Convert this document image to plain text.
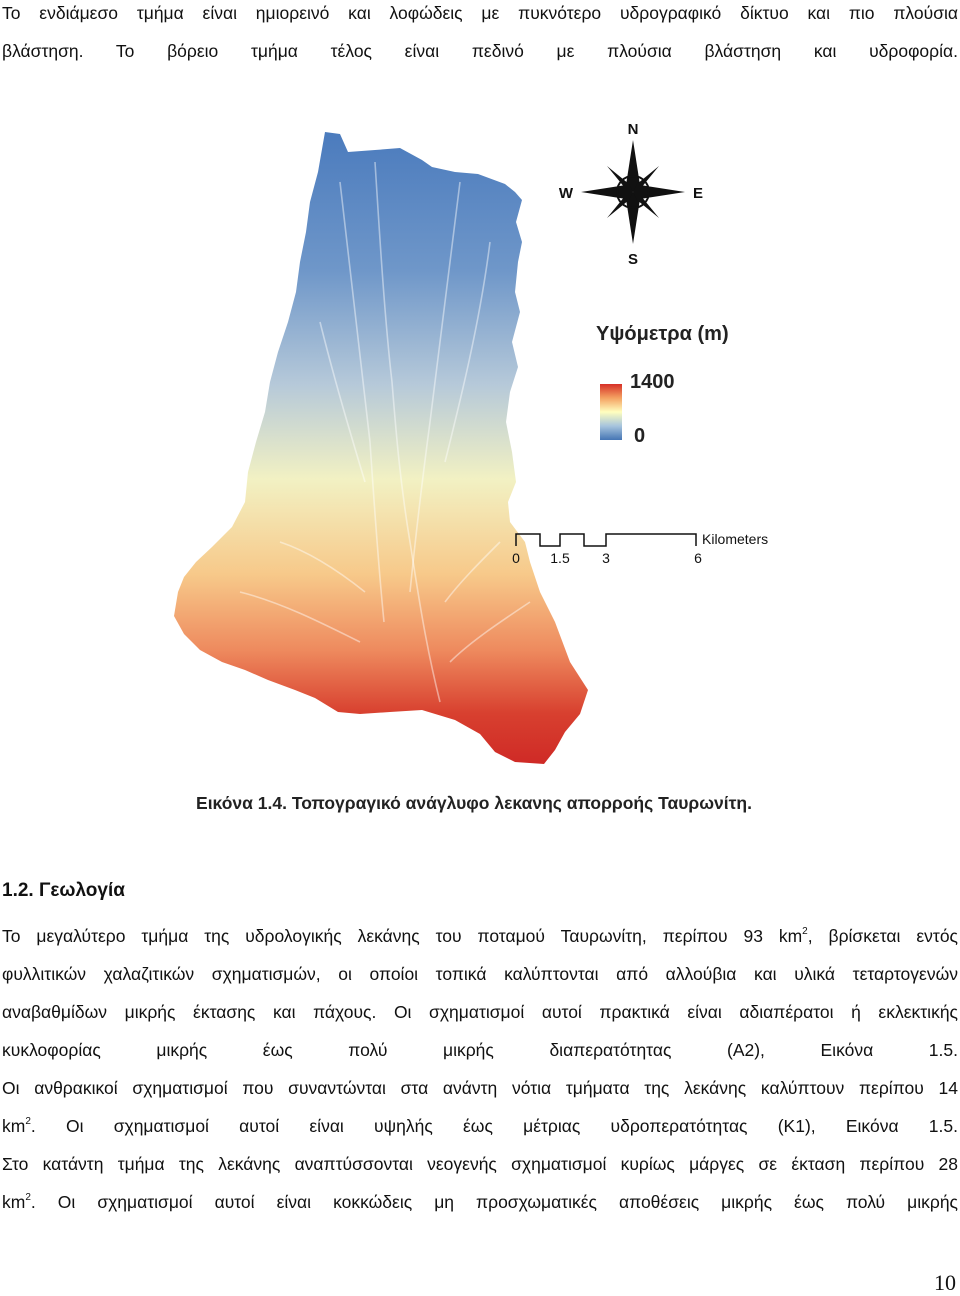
Το ενδιάμεσο τμήμα είναι ημιορεινό και λοφώδεις με πυκνότερο υδρογραφικό δίκτυο και πιο πλούσια
βλάστηση. Το βόρειο τμήμα τέλος είναι πεδινό με πλούσια βλάστηση και υδροφορία.
N
S
E
W
Υψόμετρα (m)
1400
0
Kilometers
0 1.5 3	6
Εικόνα 1.4. Τοπογραγικό ανάγλυφο λεκανης απορροής Ταυρωνίτη.
1.2. Γεωλογία
Το μεγαλύτερο τμήμα της υδρολογικής λεκάνης του ποταμού Ταυρωνίτη, περίπου 93 $km^2$, βρίσκεται εντός
φυλλιτικών χαλαζιτικών σχηματισμών, οι οποίοι τοπικά καλύπτονται από αλλούβια και υλικά τεταρτογενών
αναβαθμίδων μικρής έκτασης και πάχους. Οι σχηματισμοί αυτοί πρακτικά είναι αδιαπέρατοι ή εκλεκτικής
κυκλοφορίας μικρής έως πολύ μικρής διαπερατότητας (Α2), Εικόνα 1.5.
Οι ανθρακικοί σχηματισμοί που συναντώνται στα ανάντη νότια τμήματα της λεκάνης καλύπτουν περίπου 14
$km^2$. Οι σχηματισμοί αυτοί είναι υψηλής έως μέτριας υδροπερατότητας (Κ1), Εικόνα 1.5.
Στο κατάντη τμήμα της λεκάνης αναπτύσσονται νεογενής σχηματισμοί κυρίως μάργες σε έκταση περίπου 28
$km^2$. Οι σχηματισμοί αυτοί είναι κοκκώδεις μη προσχωματικές αποθέσεις μικρής έως πολύ μικρής
10
